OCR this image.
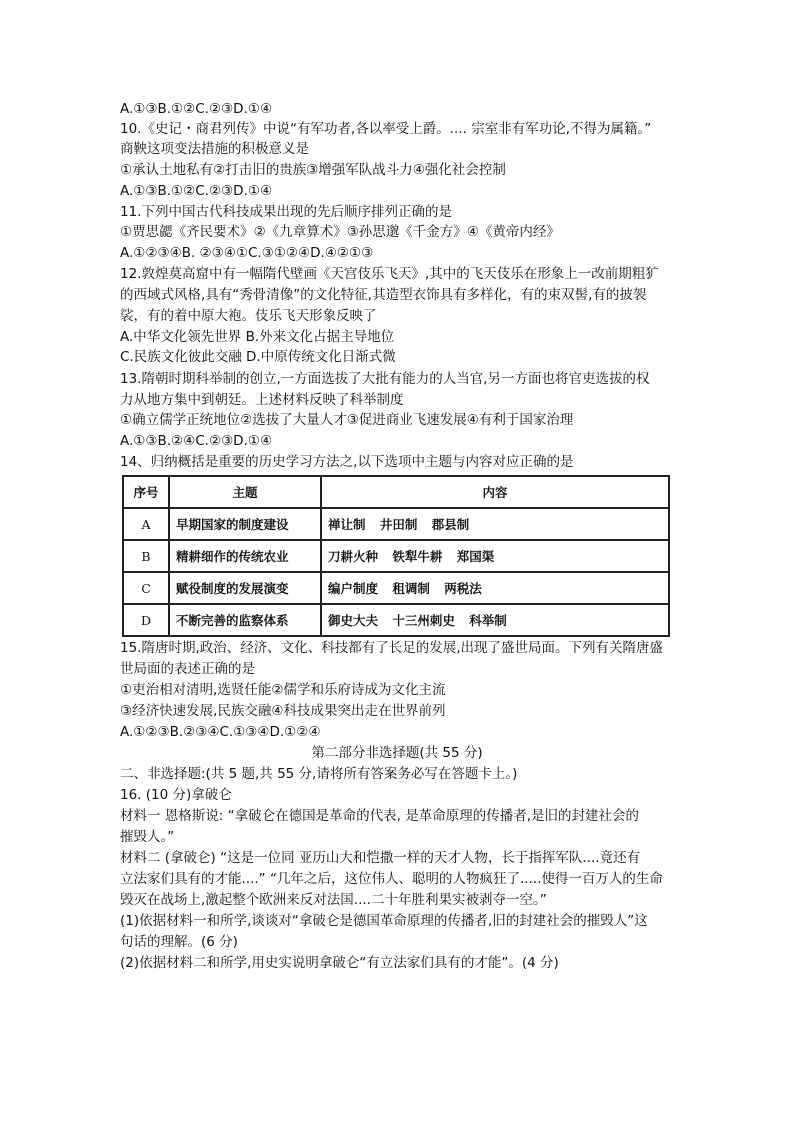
A.①③B.①②C.②③D.①④
10.《史记・商君列传》中说“有军功者,各以率受上爵。.... 宗室非有军功论,不得为属籍。”
商鞅这项变法措施的积极意义是
①承认土地私有②打击旧的贵族③增强军队战斗力④强化社会控制
A.①③B.①②C.②③D.①④
11.下列中国古代科技成果出现的先后顺序排列正确的是
①贾思勰《齐民要术》②《九章算术》③孙思邈《千金方》④《黄帝内经》
A.①②③④B. ②③④①C.③①②④D.④②①③
12.敦煌莫高窟中有一幅隋代壁画《天宫伎乐飞天》,其中的飞天伎乐在形象上一改前期粗犷
的西域式风格,具有“秀骨清像”的文化特征,其造型衣饰具有多样化，有的束双髻,有的披袈
裟，有的着中原大袍。伎乐飞天形象反映了
A.中华文化领先世界 B.外来文化占据主导地位
C.民族文化彼此交融 D.中原传统文化日渐式微
13.隋朝时期科举制的创立,一方面选拔了大批有能力的人当官,另一方面也将官吏选拔的权
力从地方集中到朝廷。上述材料反映了科举制度
①确立儒学正统地位②选拔了大量人才③促进商业飞速发展④有利于国家治理
A.①③B.②④C.②③D.①④
14、归纳概括是重要的历史学习方法之,以下选项中主题与内容对应正确的是
序号	主题	内容
A	早期国家的制度建设	禅让制 井田制 郡县制
B	精耕细作的传统农业	刀耕火种 铁犁牛耕 郑国渠
C	赋役制度的发展演变	编户制度 租调制 两税法
D	不断完善的监察体系	御史大夫 十三州刺史 科举制
15.隋唐时期,政治、经济、文化、科技都有了长足的发展,出现了盛世局面。下列有关隋唐盛
世局面的表述正确的是
①吏治相对清明,选贤任能②儒学和乐府诗成为文化主流
③经济快速发展,民族交融④科技成果突出走在世界前列
A.①②③B.②③④C.①③④D.①②④
第二部分非选择题(共 55 分)
二、非选择题:(共 5 题,共 55 分,请将所有答案务必写在答题卡上。)
16. (10 分)拿破仑
材料一 恩格斯说: “拿破仑在德国是革命的代表, 是革命原理的传播者,是旧的封建社会的
摧毁人。”
材料二 (拿破仑) “这是一位同 亚历山大和恺撒一样的天才人物，长于指挥军队....竟还有
立法家们具有的才能....” “几年之后，这位伟人、聪明的人物疯狂了.....使得一百万人的生命
毁灭在战场上,激起整个欧洲来反对法国....二十年胜利果实被剥夺一空。”
(1)依据材料一和所学,谈谈对“拿破仑是德国革命原理的传播者,旧的封建社会的摧毁人”这
句话的理解。(6 分)
(2)依据材料二和所学,用史实说明拿破仑“有立法家们具有的才能”。(4 分)
